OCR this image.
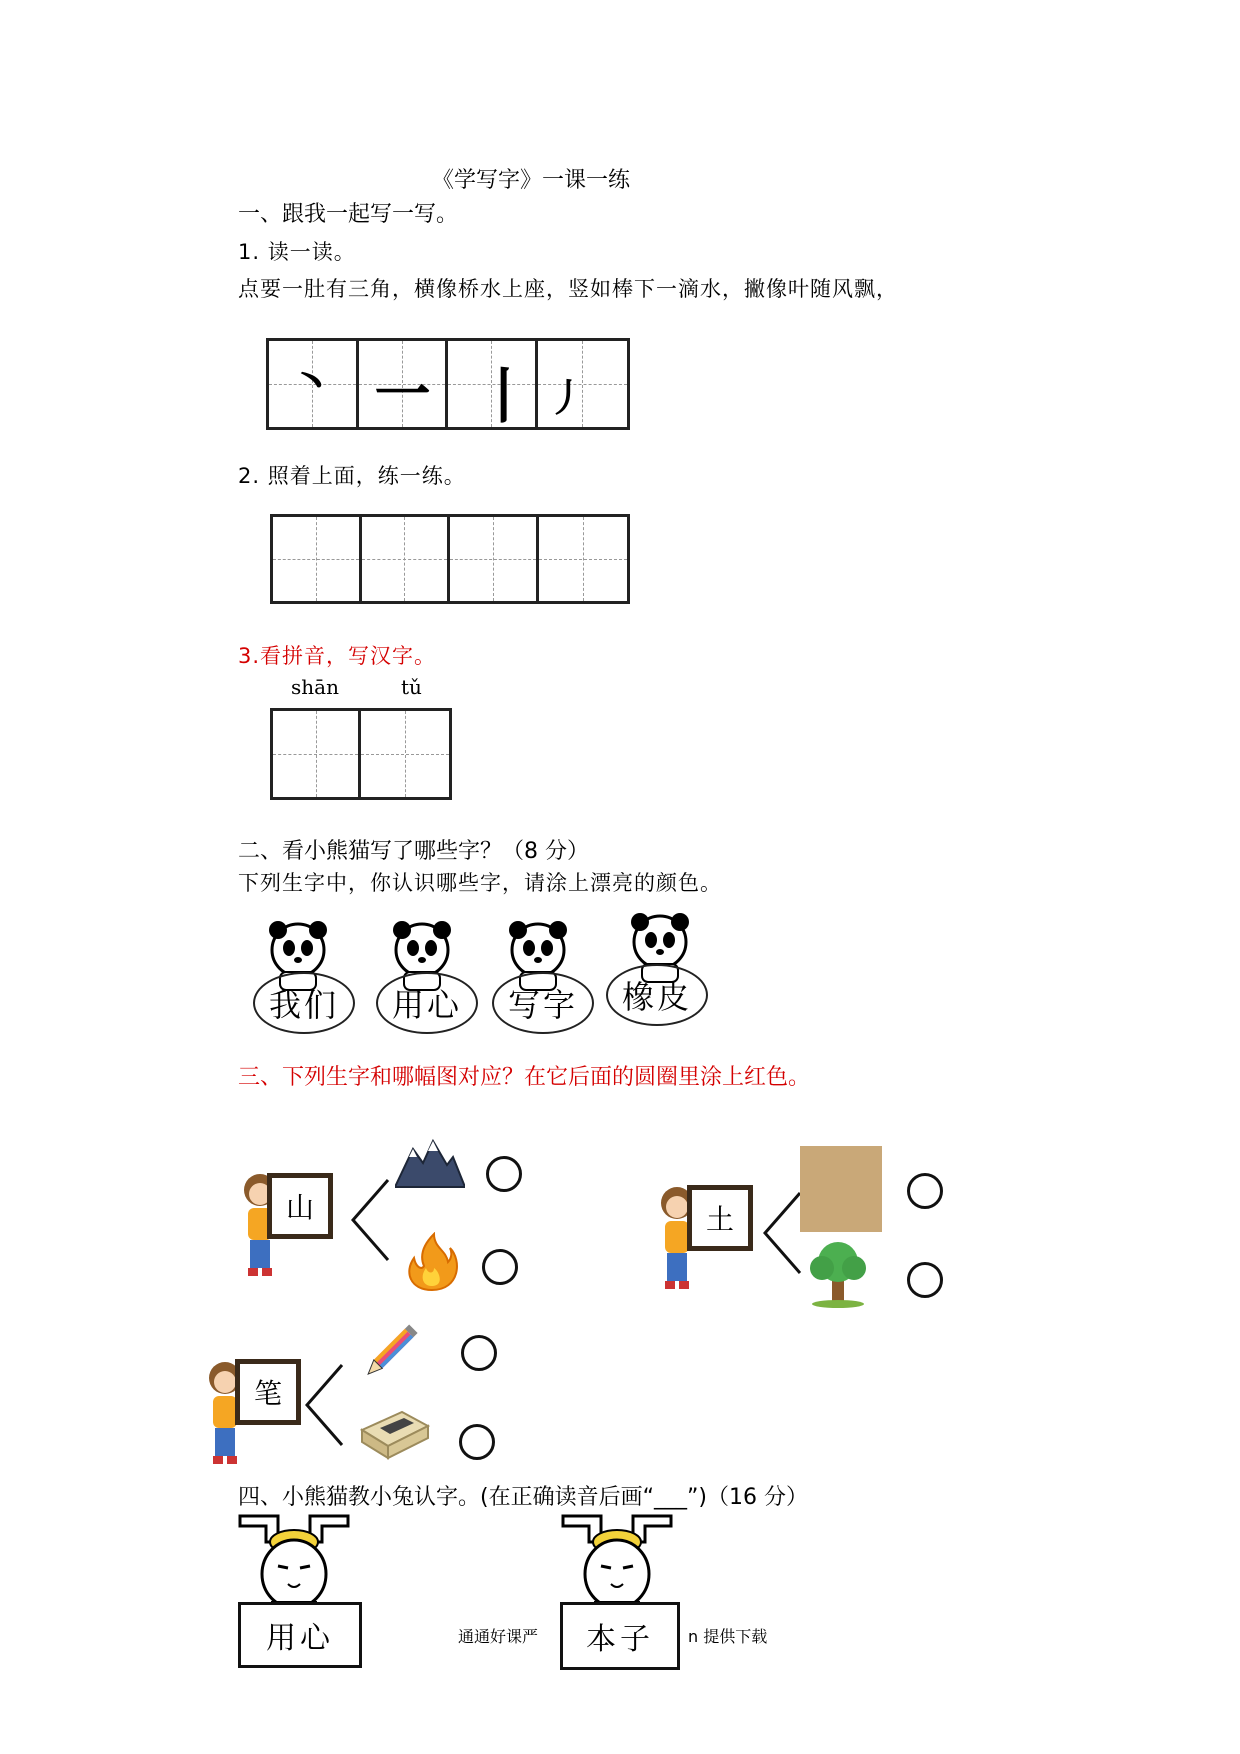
《学写字》一课一练
一、跟我一起写一写。
1. 读一读。
点要一肚有三角，横像桥水上座，竖如棒下一滴水，撇像叶随风飘，
丶 一 丨 丿
2. 照着上面，练一练。
3.看拼音，写汉字。
shān	tǔ
二、看小熊猫写了哪些字？（8 分）
下列生字中，你认识哪些字，请涂上漂亮的颜色。
我们	用心	写字	橡皮
三、下列生字和哪幅图对应？在它后面的圆圈里涂上红色。
山	土
笔
四、小熊猫教小兔认字。(在正确读音后画“___”)（16 分）
用心	本子
通通好课严	n 提供下载
